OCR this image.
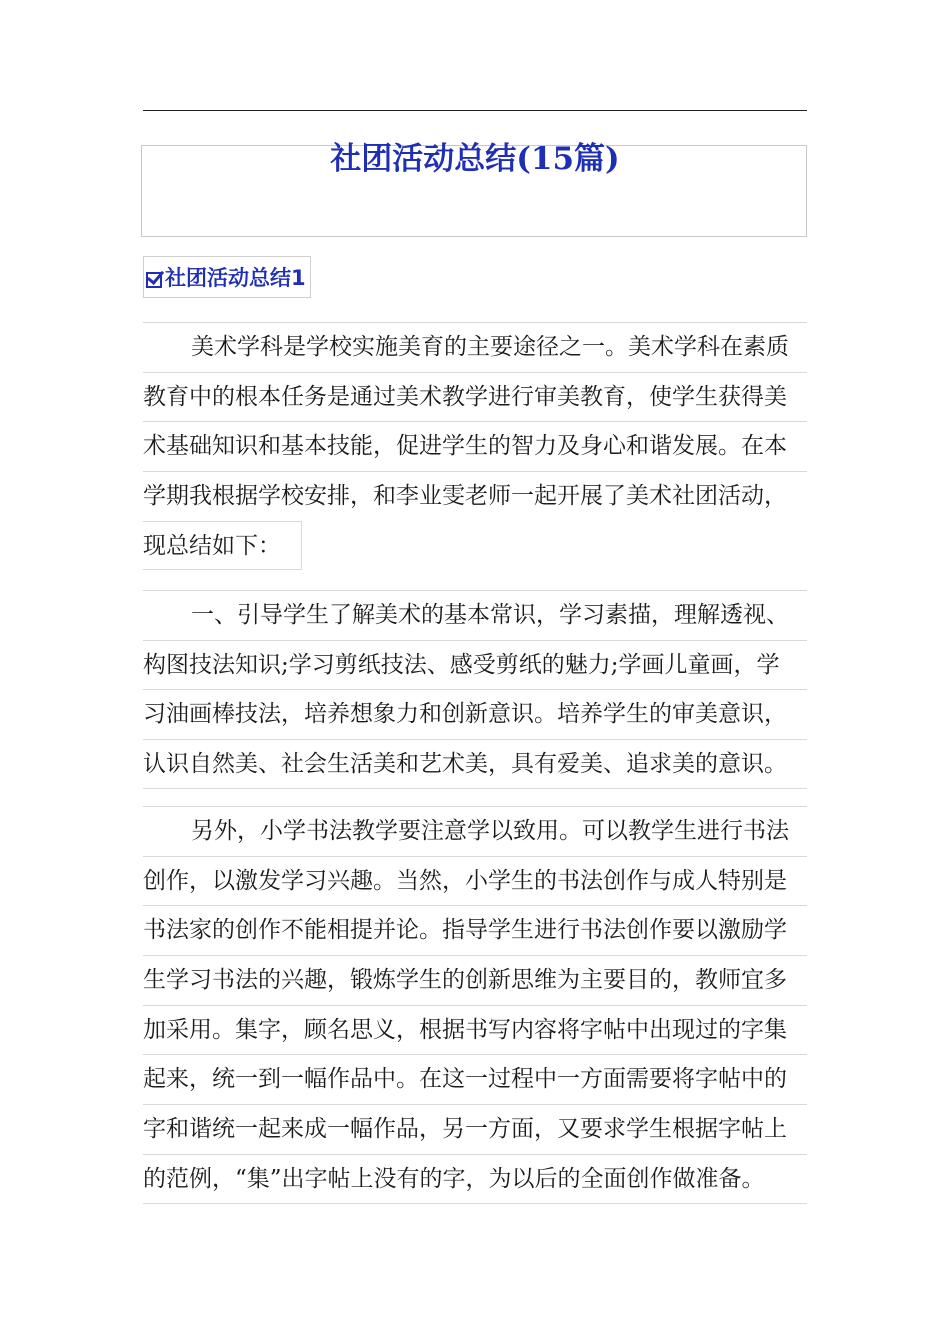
社团活动总结(15篇)
社团活动总结1
美术学科是学校实施美育的主要途径之一。美术学科在素质
教育中的根本任务是通过美术教学进行审美教育，使学生获得美
术基础知识和基本技能，促进学生的智力及身心和谐发展。在本
学期我根据学校安排，和李业雯老师一起开展了美术社团活动，
现总结如下：
一、引导学生了解美术的基本常识，学习素描，理解透视、
构图技法知识;学习剪纸技法、感受剪纸的魅力;学画儿童画，学
习油画棒技法，培养想象力和创新意识。培养学生的审美意识，
认识自然美、社会生活美和艺术美，具有爱美、追求美的意识。
另外，小学书法教学要注意学以致用。可以教学生进行书法
创作，以激发学习兴趣。当然，小学生的书法创作与成人特别是
书法家的创作不能相提并论。指导学生进行书法创作要以激励学
生学习书法的兴趣，锻炼学生的创新思维为主要目的，教师宜多
加采用。集字，顾名思义，根据书写内容将字帖中出现过的字集
起来，统一到一幅作品中。在这一过程中一方面需要将字帖中的
字和谐统一起来成一幅作品，另一方面，又要求学生根据字帖上
的范例，“集”出字帖上没有的字，为以后的全面创作做准备。
